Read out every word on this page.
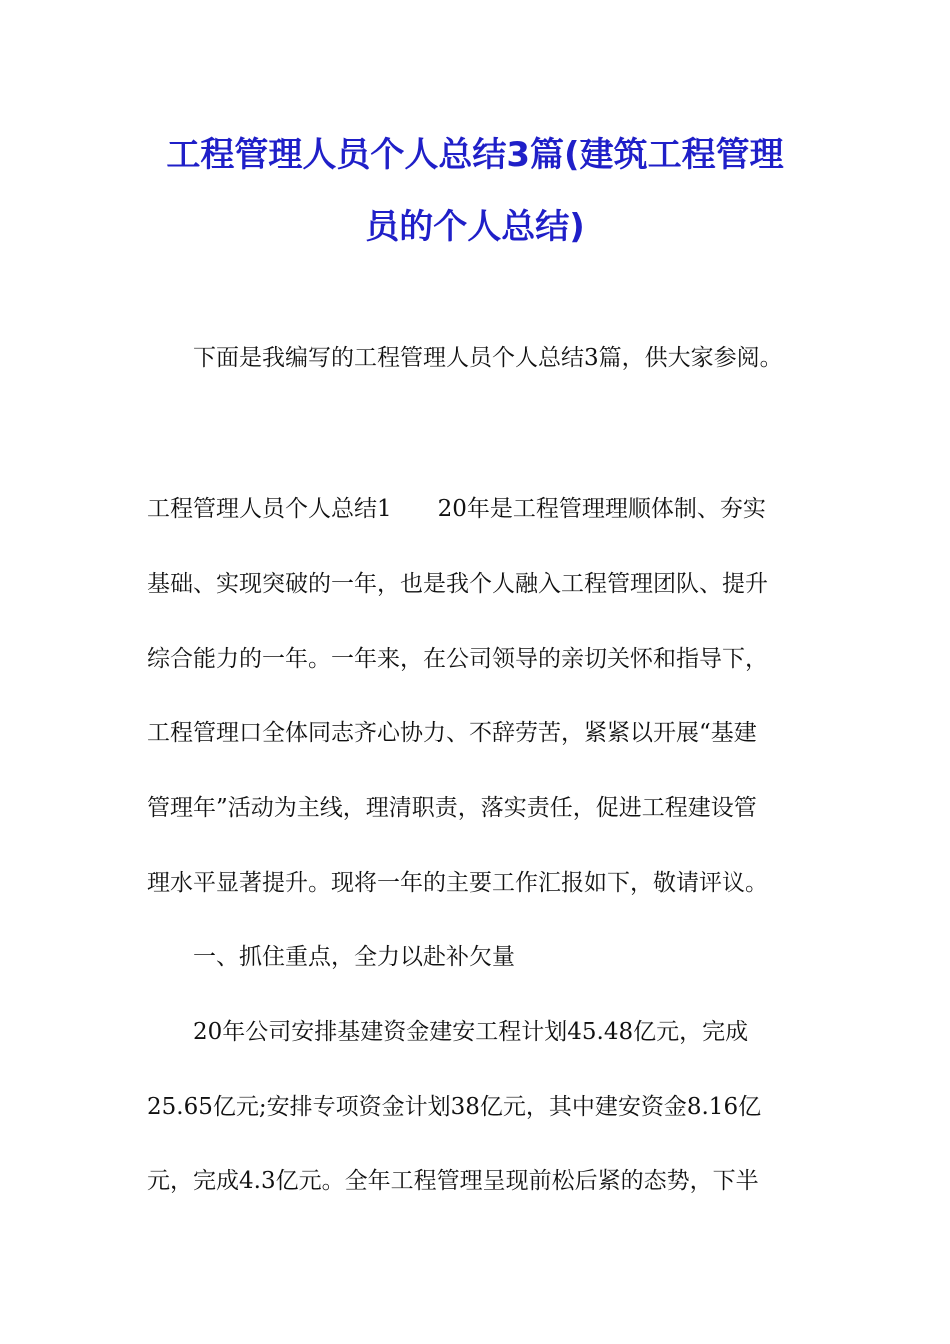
工程管理人员个人总结3篇(建筑工程管理
员的个人总结)
下面是我编写的工程管理人员个人总结3篇，供大家参阅。
工程管理人员个人总结1　　20年是工程管理理顺体制、夯实
基础、实现突破的一年，也是我个人融入工程管理团队、提升
综合能力的一年。一年来，在公司领导的亲切关怀和指导下，
工程管理口全体同志齐心协力、不辞劳苦，紧紧以开展“基建
管理年”活动为主线，理清职责，落实责任，促进工程建设管
理水平显著提升。现将一年的主要工作汇报如下，敬请评议。
一、抓住重点，全力以赴补欠量
20年公司安排基建资金建安工程计划45.48亿元，完成
25.65亿元;安排专项资金计划38亿元，其中建安资金8.16亿
元，完成4.3亿元。全年工程管理呈现前松后紧的态势，下半
